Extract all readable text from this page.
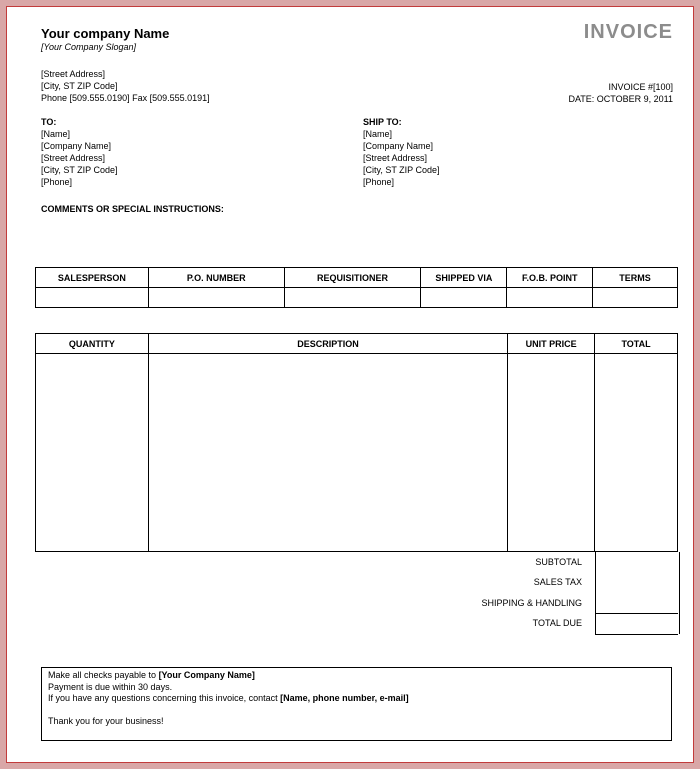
Your company Name
[Your Company Slogan]
INVOICE
[Street Address]
[City, ST ZIP Code]
Phone [509.555.0190] Fax [509.555.0191]
INVOICE #[100]
DATE: OCTOBER 9, 2011
TO:
[Name]
[Company Name]
[Street Address]
[City, ST ZIP Code]
[Phone]
SHIP TO:
[Name]
[Company Name]
[Street Address]
[City, ST ZIP Code]
[Phone]
COMMENTS OR SPECIAL INSTRUCTIONS:
SALESPERSON	P.O. NUMBER	REQUISITIONER	SHIPPED VIA	F.O.B. POINT	TERMS

QUANTITY	DESCRIPTION	UNIT PRICE	TOTAL

SUBTOTAL
SALES TAX
SHIPPING & HANDLING
TOTAL DUE
Make all checks payable to [Your Company Name]
Payment is due within 30 days.
If you have any questions concerning this invoice, contact [Name, phone number, e-mail]
Thank you for your business!
